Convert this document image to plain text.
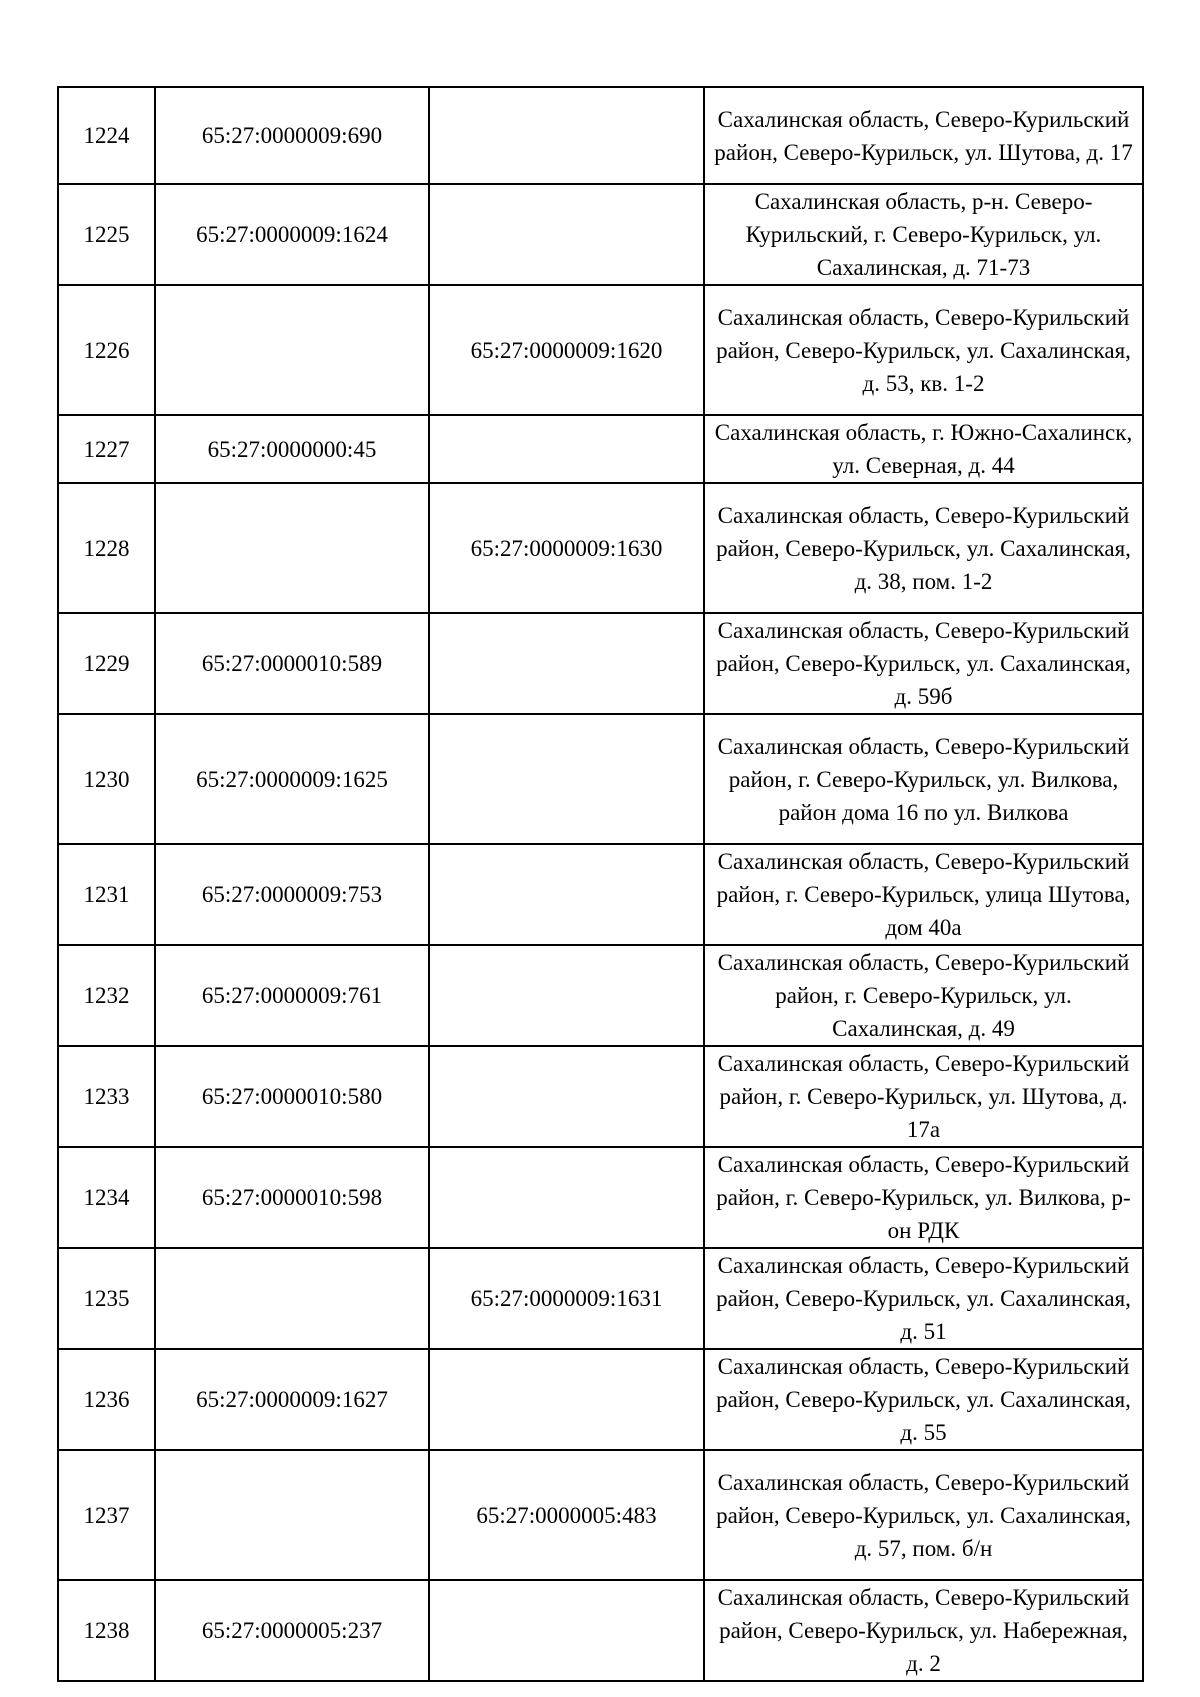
1224	65:27:0000009:690		Сахалинская область, Северо-Курильский район, Северо-Курильск, ул. Шутова, д. 17
1225	65:27:0000009:1624		Сахалинская область, р-н. Северо-Курильский, г. Северо-Курильск, ул. Сахалинская, д. 71-73
1226		65:27:0000009:1620	Сахалинская область, Северо-Курильский район, Северо-Курильск, ул. Сахалинская, д. 53, кв. 1-2
1227	65:27:0000000:45		Сахалинская область, г. Южно-Сахалинск, ул. Северная, д. 44
1228		65:27:0000009:1630	Сахалинская область, Северо-Курильский район, Северо-Курильск, ул. Сахалинская, д. 38, пом. 1-2
1229	65:27:0000010:589		Сахалинская область, Северо-Курильский район, Северо-Курильск, ул. Сахалинская, д. 59б
1230	65:27:0000009:1625		Сахалинская область, Северо-Курильский район, г. Северо-Курильск, ул. Вилкова, район дома 16 по ул. Вилкова
1231	65:27:0000009:753		Сахалинская область, Северо-Курильский район, г. Северо-Курильск, улица Шутова, дом 40а
1232	65:27:0000009:761		Сахалинская область, Северо-Курильский район, г. Северо-Курильск, ул. Сахалинская, д. 49
1233	65:27:0000010:580		Сахалинская область, Северо-Курильский район, г. Северо-Курильск, ул. Шутова, д. 17а
1234	65:27:0000010:598		Сахалинская область, Северо-Курильский район, г. Северо-Курильск, ул. Вилкова, р-он РДК
1235		65:27:0000009:1631	Сахалинская область, Северо-Курильский район, Северо-Курильск, ул. Сахалинская, д. 51
1236	65:27:0000009:1627		Сахалинская область, Северо-Курильский район, Северо-Курильск, ул. Сахалинская, д. 55
1237		65:27:0000005:483	Сахалинская область, Северо-Курильский район, Северо-Курильск, ул. Сахалинская, д. 57, пом. б/н
1238	65:27:0000005:237		Сахалинская область, Северо-Курильский район, Северо-Курильск, ул. Набережная, д. 2
